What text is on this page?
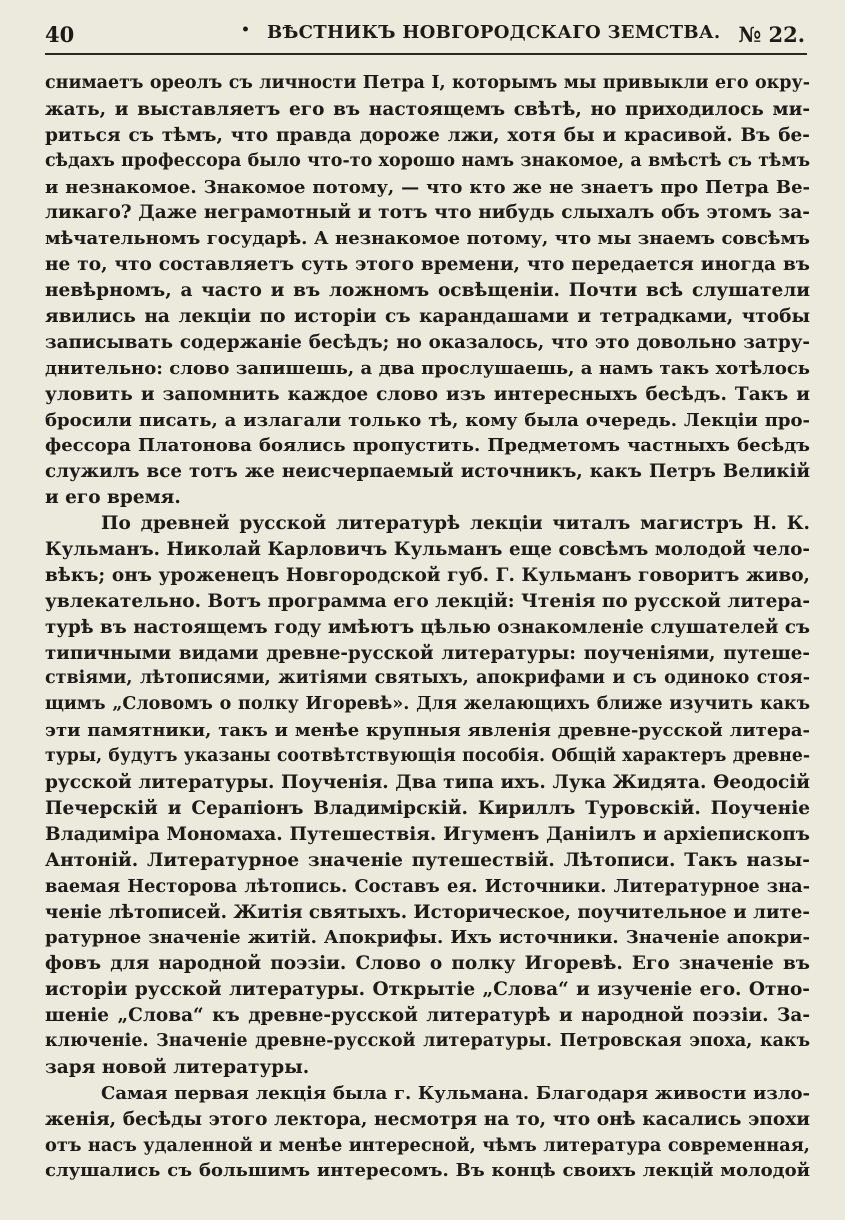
40	• ВѢСТНИКЪ НОВГОРОДСКАГО ЗЕМСТВА. № 22.
снимаетъ ореолъ съ личности Петра I, которымъ мы привыкли его окру-
жать, и выставляетъ его въ настоящемъ свѣтѣ, но приходилось ми-
риться съ тѣмъ, что правда дороже лжи, хотя бы и красивой. Въ бе-
сѣдахъ профессора было что-то хорошо намъ знакомое, а вмѣстѣ съ тѣмъ
и незнакомое. Знакомое потому, — что кто же не знаетъ про Петра Ве-
ликаго? Даже неграмотный и тотъ что нибудь слыхалъ объ этомъ за-
мѣчательномъ государѣ. А незнакомое потому, что мы знаемъ совсѣмъ
не то, что составляетъ суть этого времени, что передается иногда въ
невѣрномъ, а часто и въ ложномъ освѣщеніи. Почти всѣ слушатели
явились на лекціи по исторіи съ карандашами и тетрадками, чтобы
записывать содержаніе бесѣдъ; но оказалось, что это довольно затру-
днительно: слово запишешь, а два прослушаешь, а намъ такъ хотѣлось
уловить и запомнить каждое слово изъ интересныхъ бесѣдъ. Такъ и
бросили писать, а излагали только тѣ, кому была очередь. Лекціи про-
фессора Платонова боялись пропустить. Предметомъ частныхъ бесѣдъ
служилъ все тотъ же неисчерпаемый источникъ, какъ Петръ Великій
и его время.
По древней русской литературѣ лекціи читалъ магистръ Н. К.
Кульманъ. Николай Карловичъ Кульманъ еще совсѣмъ молодой чело-
вѣкъ; онъ уроженецъ Новгородской губ. Г. Кульманъ говоритъ живо,
увлекательно. Вотъ программа его лекцій: Чтенія по русской литера-
турѣ въ настоящемъ году имѣютъ цѣлью ознакомленіе слушателей съ
типичными видами древне-русской литературы: поученіями, путеше-
ствіями, лѣтописями, житіями святыхъ, апокрифами и съ одиноко стоя-
щимъ „Словомъ о полку Игоревѣ». Для желающихъ ближе изучить какъ
эти памятники, такъ и менѣе крупныя явленія древне-русской литера-
туры, будутъ указаны соотвѣтствующія пособія. Общій характеръ древне-
русской литературы. Поученія. Два типа ихъ. Лука Жидята. Ѳеодосій
Печерскій и Серапіонъ Владимірскій. Кириллъ Туровскій. Поученіе
Владиміра Мономаха. Путешествія. Игуменъ Даніилъ и архіепископъ
Антоній. Литературное значеніе путешествій. Лѣтописи. Такъ назы-
ваемая Несторова лѣтопись. Составъ ея. Источники. Литературное зна-
ченіе лѣтописей. Житія святыхъ. Историческое, поучительное и лите-
ратурное значеніе житій. Апокрифы. Ихъ источники. Значеніе апокри-
фовъ для народной поэзіи. Слово о полку Игоревѣ. Его значеніе въ
исторіи русской литературы. Открытіе „Слова“ и изученіе его. Отно-
шеніе „Слова“ къ древне-русской литературѣ и народной поэзіи. За-
ключеніе. Значеніе древне-русской литературы. Петровская эпоха, какъ
заря новой литературы.
Самая первая лекція была г. Кульмана. Благодаря живости изло-
женія, бесѣды этого лектора, несмотря на то, что онѣ касались эпохи
отъ насъ удаленной и менѣе интересной, чѣмъ литература современная,
слушались съ большимъ интересомъ. Въ концѣ своихъ лекцій молодой
